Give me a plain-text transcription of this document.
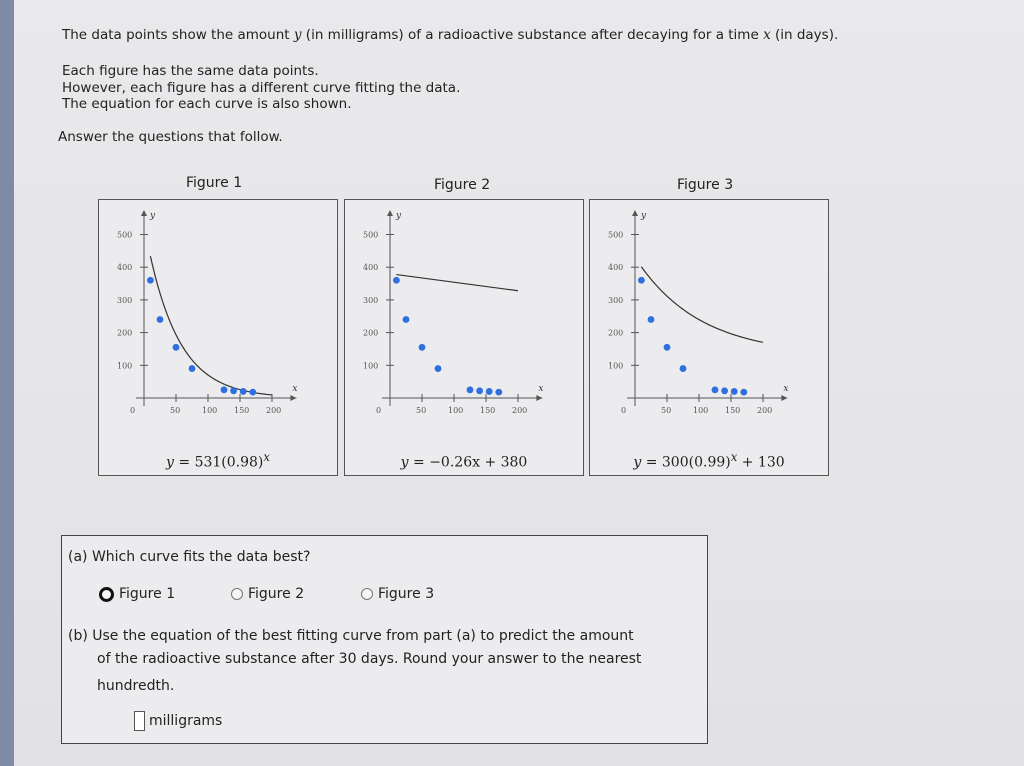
The data points show the amount y (in milligrams) of a radioactive substance after decaying for a time x (in days).
Each figure has the same data points.
However, each figure has a different curve fitting the data.
The equation for each curve is also shown.
Answer the questions that follow.
Figure 1	Figure 2	Figure 3
x
y
0	50	100 150 200
100
200
300
400
500
$y = 531(0.98)^x$
x
y
0	50	100 150 200
100
200
300
400
500
y = −0.26x + 380
x
y
0	50	100 150 200
100
200
300
400
500
$y = 300(0.99)^x + 130$
(a) Which curve fits the data best?
Figure 1	Figure 2	Figure 3
(b) Use the equation of the best fitting curve from part (a) to predict the amount
of the radioactive substance after 30 days. Round your answer to the nearest
hundredth.
milligrams
